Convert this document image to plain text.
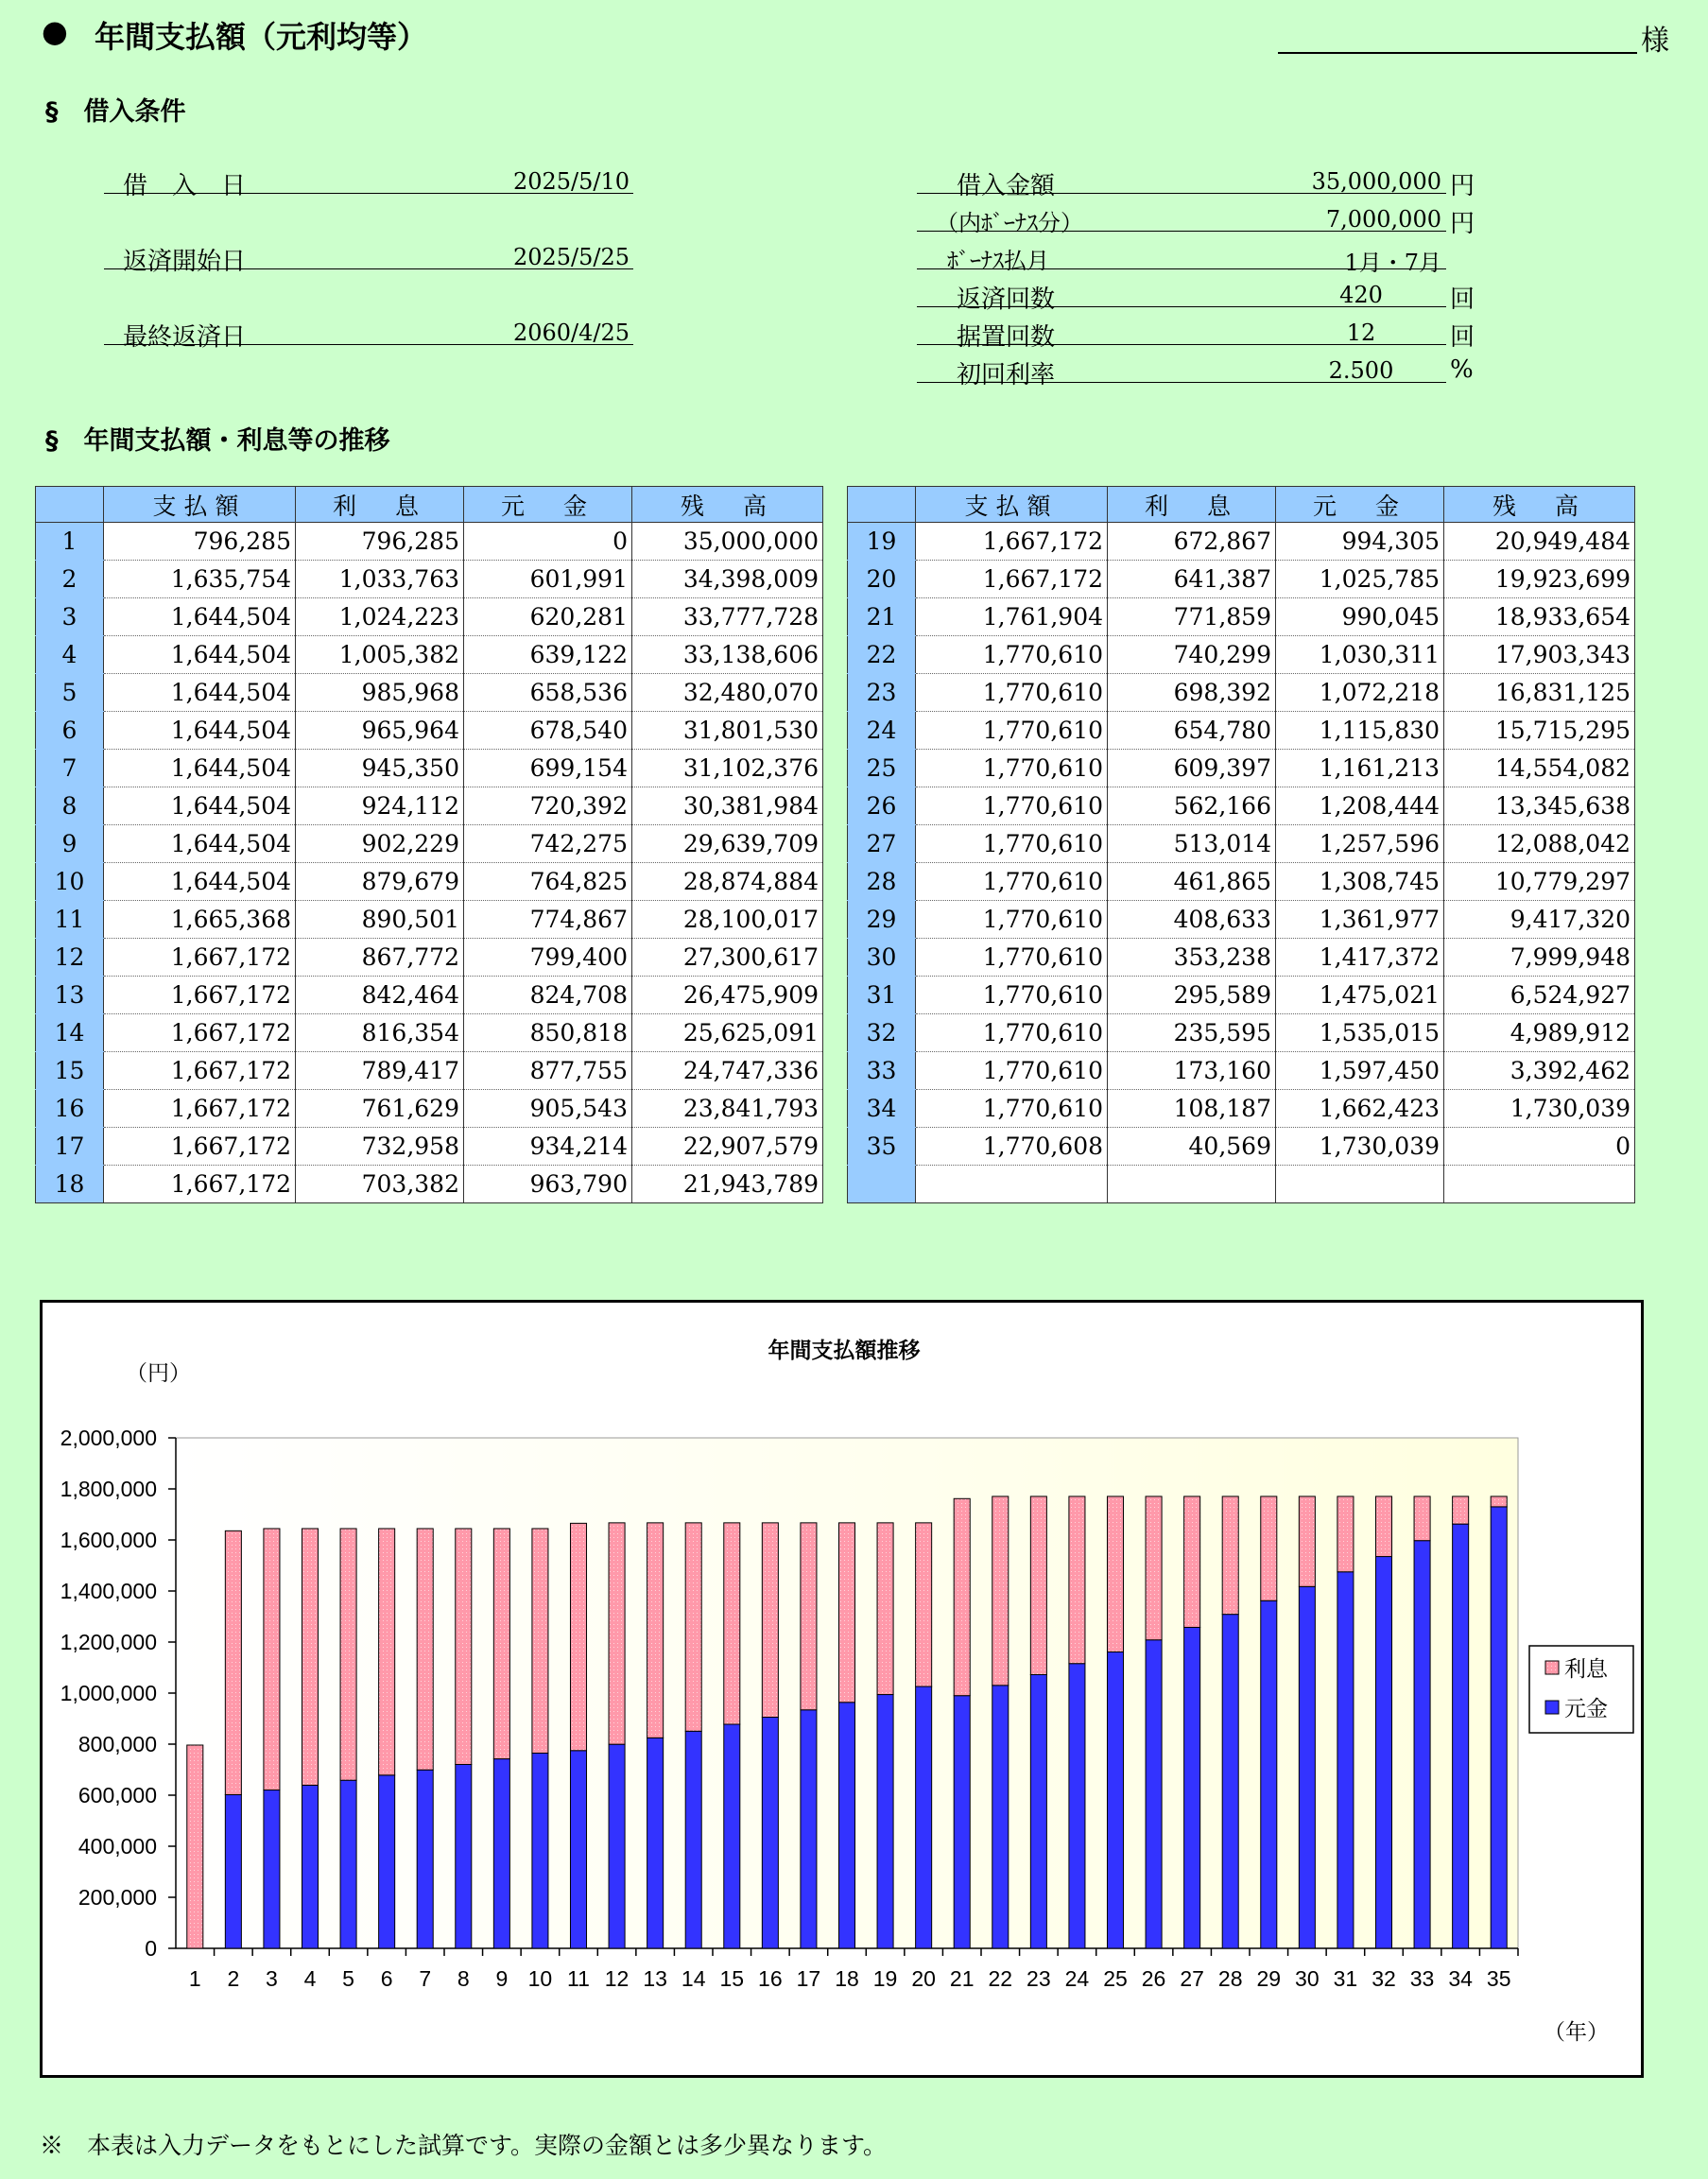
● 年間支払額（元利均等）	様
§　借入条件
§　年間支払額・利息等の推移
	支払額	利　息	元　金	残　高
1	796,285	796,285	0	35,000,000
2	1,635,754	1,033,763	601,991	34,398,009
3	1,644,504	1,024,223	620,281	33,777,728
4	1,644,504	1,005,382	639,122	33,138,606
5	1,644,504	985,968	658,536	32,480,070
6	1,644,504	965,964	678,540	31,801,530
7	1,644,504	945,350	699,154	31,102,376
8	1,644,504	924,112	720,392	30,381,984
9	1,644,504	902,229	742,275	29,639,709
10	1,644,504	879,679	764,825	28,874,884
11	1,665,368	890,501	774,867	28,100,017
12	1,667,172	867,772	799,400	27,300,617
13	1,667,172	842,464	824,708	26,475,909
14	1,667,172	816,354	850,818	25,625,091
15	1,667,172	789,417	877,755	24,747,336
16	1,667,172	761,629	905,543	23,841,793
17	1,667,172	732,958	934,214	22,907,579
18	1,667,172	703,382	963,790	21,943,789
	支払額	利　息	元　金	残　高
19	1,667,172	672,867	994,305	20,949,484
20	1,667,172	641,387	1,025,785	19,923,699
21	1,761,904	771,859	990,045	18,933,654
22	1,770,610	740,299	1,030,311	17,903,343
23	1,770,610	698,392	1,072,218	16,831,125
24	1,770,610	654,780	1,115,830	15,715,295
25	1,770,610	609,397	1,161,213	14,554,082
26	1,770,610	562,166	1,208,444	13,345,638
27	1,770,610	513,014	1,257,596	12,088,042
28	1,770,610	461,865	1,308,745	10,779,297
29	1,770,610	408,633	1,361,977	9,417,320
30	1,770,610	353,238	1,417,372	7,999,948
31	1,770,610	295,589	1,475,021	6,524,927
32	1,770,610	235,595	1,535,015	4,989,912
33	1,770,610	173,160	1,597,450	3,392,462
34	1,770,610	108,187	1,662,423	1,730,039
35	1,770,608	40,569	1,730,039	0

年間支払額推移
（円）
（年）
0
200,000
400,000
600,000
800,000
1,000,000
1,200,000
1,400,000
1,600,000
1,800,000
2,000,000
1 2 3 4 5 6 7 8 9 10 11 12 13 14 15 16 17 18 19 20 21 22 23 24 25 26 27 28 29 30 31 32 33 34 35
利息
元金
※　本表は入力データをもとにした試算です。実際の金額とは多少異なります。
借　入　日	2025/5/10
返済開始日	2025/5/25
最終返済日	2060/4/25
借入金額	35,000,000 円
（内ﾎﾞｰﾅｽ分）	7,000,000 円
ﾎﾞｰﾅｽ払月	1月・7月
返済回数	420	回
据置回数	12	回
初回利率	2.500	%
